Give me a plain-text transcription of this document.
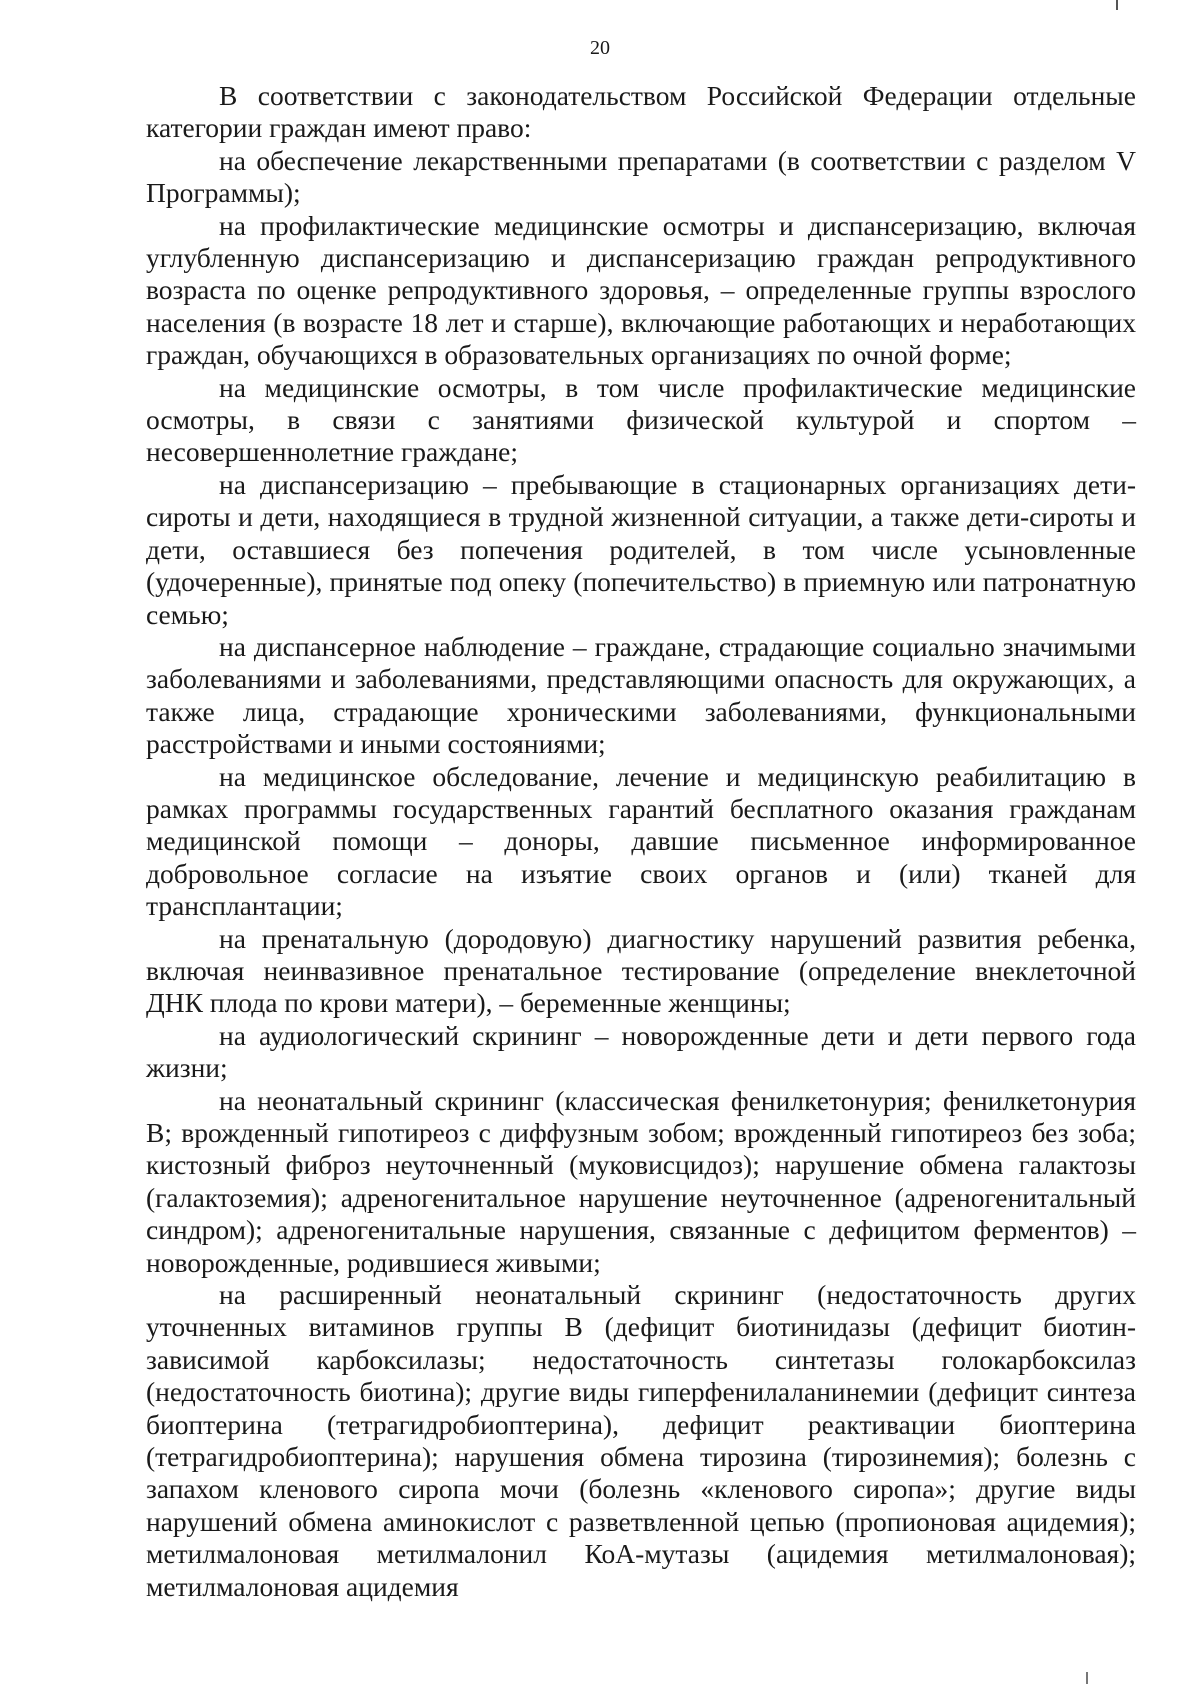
20

В соответствии с законодательством Российской Федерации отдельные категории граждан имеют право:

на обеспечение лекарственными препаратами (в соответствии с разделом V Программы);

на профилактические медицинские осмотры и диспансеризацию, включая углубленную диспансеризацию и диспансеризацию граждан репродуктивного возраста по оценке репродуктивного здоровья, – определенные группы взрослого населения (в возрасте 18 лет и старше), включающие работающих и неработающих граждан, обучающихся в образовательных организациях по очной форме;

на медицинские осмотры, в том числе профилактические медицинские осмотры, в связи с занятиями физической культурой и спортом – несовершеннолетние граждане;

на диспансеризацию – пребывающие в стационарных организациях дети-сироты и дети, находящиеся в трудной жизненной ситуации, а также дети-сироты и дети, оставшиеся без попечения родителей, в том числе усыновленные (удочеренные), принятые под опеку (попечительство) в приемную или патронатную семью;

на диспансерное наблюдение – граждане, страдающие социально значимыми заболеваниями и заболеваниями, представляющими опасность для окружающих, а также лица, страдающие хроническими заболеваниями, функциональными расстройствами и иными состояниями;

на медицинское обследование, лечение и медицинскую реабилитацию в рамках программы государственных гарантий бесплатного оказания гражданам медицинской помощи – доноры, давшие письменное информированное добровольное согласие на изъятие своих органов и (или) тканей для трансплантации;

на пренатальную (дородовую) диагностику нарушений развития ребенка, включая неинвазивное пренатальное тестирование (определение внеклеточной ДНК плода по крови матери), – беременные женщины;

на аудиологический скрининг – новорожденные дети и дети первого года жизни;

на неонатальный скрининг (классическая фенилкетонурия; фенилкетонурия B; врожденный гипотиреоз с диффузным зобом; врожденный гипотиреоз без зоба; кистозный фиброз неуточненный (муковисцидоз); нарушение обмена галактозы (галактоземия); адреногенитальное нарушение неуточненное (адреногенитальный синдром); адреногенитальные нарушения, связанные с дефицитом ферментов) – новорожденные, родившиеся живыми;

на расширенный неонатальный скрининг (недостаточность других уточненных витаминов группы B (дефицит биотинидазы (дефицит биотин-зависимой карбоксилазы; недостаточность синтетазы голокарбоксилаз (недостаточность биотина); другие виды гиперфенилаланинемии (дефицит синтеза биоптерина (тетрагидробиоптерина), дефицит реактивации биоптерина (тетрагидробиоптерина); нарушения обмена тирозина (тирозинемия); болезнь с запахом кленового сиропа мочи (болезнь «кленового сиропа»; другие виды нарушений обмена аминокислот с разветвленной цепью (пропионовая ацидемия); метилмалоновая метилмалонил КоА-мутазы (ацидемия метилмалоновая); метилмалоновая ацидемия
